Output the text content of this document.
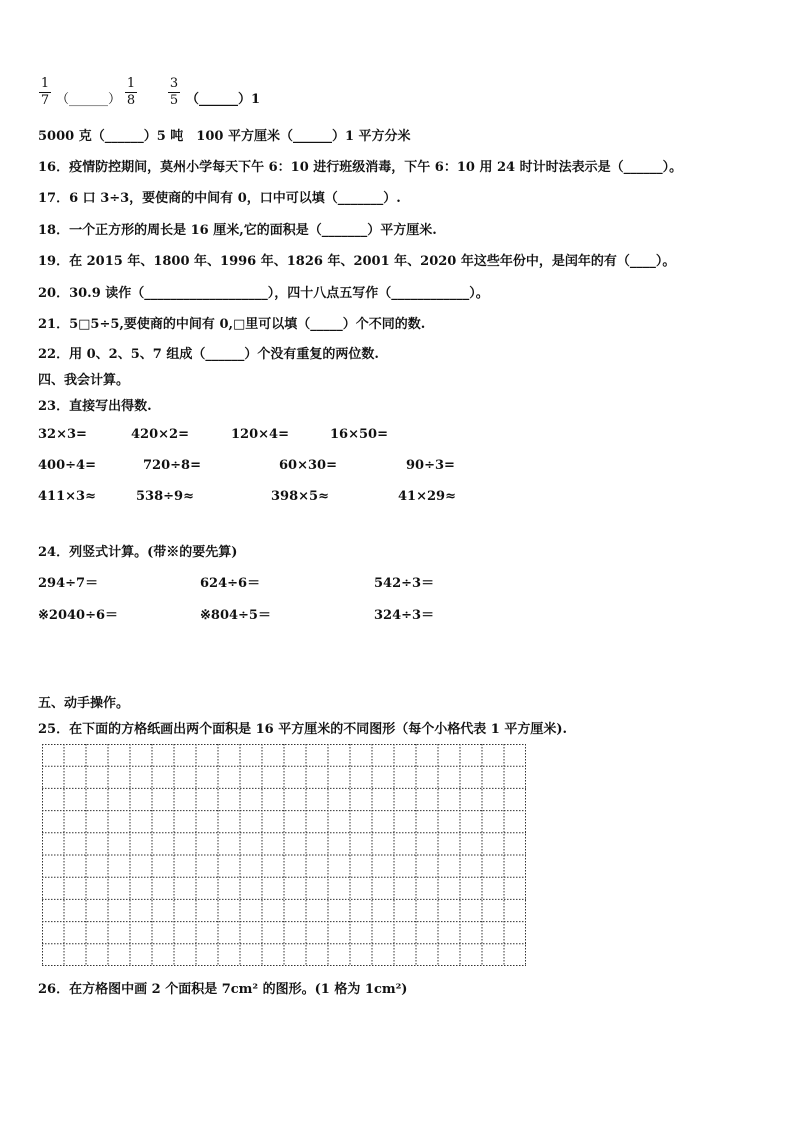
1
7 （______）
1
8
3
5 （______）1
5000 克（______）5 吨　100 平方厘米（______）1 平方分米
16．疫情防控期间，莫州小学每天下午 6：10 进行班级消毒，下午 6：10 用 24 时计时法表示是（______）。
17．6 口 3÷3，要使商的中间有 0，口中可以填（_______）.
18．一个正方形的周长是 16 厘米,它的面积是（_______）平方厘米.
19．在 2015 年、1800 年、1996 年、1826 年、2001 年、2020 年这些年份中，是闰年的有（____）。
20．30.9 读作（___________________），四十八点五写作（____________）。
21．5□5÷5,要使商的中间有 0,□里可以填（_____）个不同的数.
22．用 0、2、5、7 组成（______）个没有重复的两位数.
四、我会计算。
23．直接写出得数.
32×3=	420×2=	120×4=	16×50=
400÷4=	720÷8=	60×30=	90÷3=
411×3≈	538÷9≈	398×5≈	41×29≈
24．列竖式计算。(带※的要先算)
294÷7＝	624÷6＝	542÷3＝
※2040÷6＝	※804÷5＝	324÷3＝
五、动手操作。
25．在下面的方格纸画出两个面积是 16 平方厘米的不同图形（每个小格代表 1 平方厘米).
26．在方格图中画 2 个面积是 7cm² 的图形。(1 格为 1cm²)
